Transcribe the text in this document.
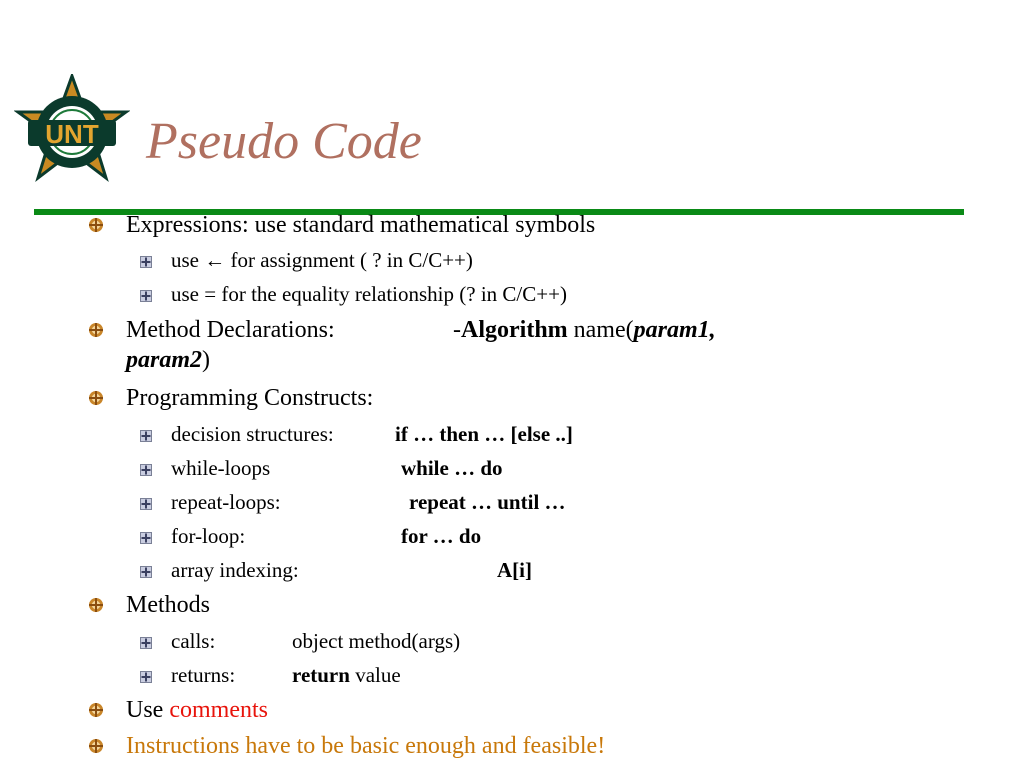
UNT Pseudo Code
Expressions: use standard mathematical symbols
use ← for assignment ( ? in C/C++)
use = for the equality relationship (? in C/C++)
Method Declarations:	-Algorithm name(param1,
param2)
Programming Constructs:
decision structures:	if … then … [else ..]
while-loops	while … do
repeat-loops:	repeat … until …
for-loop:	for … do
array indexing:	A[i]
Methods
calls:	object method(args)
returns:	return value
Use comments
Instructions have to be basic enough and feasible!
